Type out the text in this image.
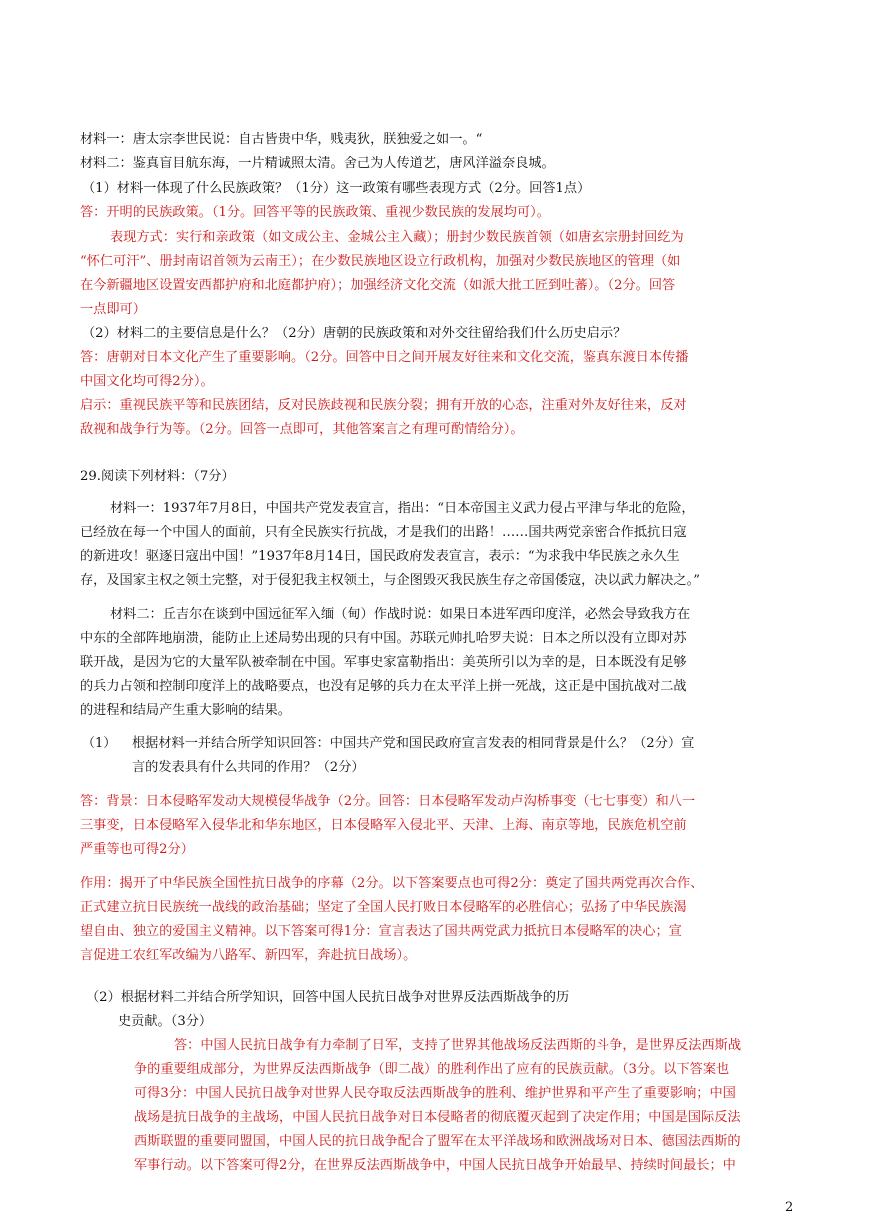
材料一：唐太宗李世民说：自古皆贵中华，贱夷狄，朕独爱之如一。“
材料二：鉴真盲目航东海，一片精诚照太清。舍己为人传道艺，唐风洋溢奈良城。
（1）材料一体现了什么民族政策？（1分）这一政策有哪些表现方式（2分。回答1点）
答：开明的民族政策。（1分。回答平等的民族政策、重视少数民族的发展均可）。
表现方式：实行和亲政策（如文成公主、金城公主入藏）；册封少数民族首领（如唐玄宗册封回纥为
“怀仁可汗”、册封南诏首领为云南王）；在少数民族地区设立行政机构，加强对少数民族地区的管理（如
在今新疆地区设置安西都护府和北庭都护府）；加强经济文化交流（如派大批工匠到吐蕃）。（2分。回答
一点即可）
（2）材料二的主要信息是什么？（2分）唐朝的民族政策和对外交往留给我们什么历史启示？
答：唐朝对日本文化产生了重要影响。（2分。回答中日之间开展友好往来和文化交流，鉴真东渡日本传播
中国文化均可得2分）。
启示：重视民族平等和民族团结，反对民族歧视和民族分裂；拥有开放的心态，注重对外友好往来，反对
敌视和战争行为等。（2分。回答一点即可，其他答案言之有理可酌情给分）。
29.阅读下列材料：（7分）
材料一：1937年7月8日，中国共产党发表宣言，指出：“日本帝国主义武力侵占平津与华北的危险，
已经放在每一个中国人的面前，只有全民族实行抗战，才是我们的出路！……国共两党亲密合作抵抗日寇
的新进攻！驱逐日寇出中国！”1937年8月14日，国民政府发表宣言，表示：“为求我中华民族之永久生
存，及国家主权之领土完整，对于侵犯我主权领土，与企图毁灭我民族生存之帝国倭寇，决以武力解决之。”
材料二：丘吉尔在谈到中国远征军入缅（甸）作战时说：如果日本进军西印度洋，必然会导致我方在
中东的全部阵地崩溃，能防止上述局势出现的只有中国。苏联元帅扎哈罗夫说：日本之所以没有立即对苏
联开战，是因为它的大量军队被牵制在中国。军事史家富勒指出：美英所引以为幸的是，日本既没有足够
的兵力占领和控制印度洋上的战略要点，也没有足够的兵力在太平洋上拼一死战，这正是中国抗战对二战
的进程和结局产生重大影响的结果。
（1） 根据材料一并结合所学知识回答：中国共产党和国民政府宣言发表的相同背景是什么？（2分）宣
言的发表具有什么共同的作用？（2分）
答：背景：日本侵略军发动大规模侵华战争（2分。回答：日本侵略军发动卢沟桥事变（七七事变）和八一
三事变，日本侵略军入侵华北和华东地区，日本侵略军入侵北平、天津、上海、南京等地，民族危机空前
严重等也可得2分）
作用：揭开了中华民族全国性抗日战争的序幕（2分。以下答案要点也可得2分：奠定了国共两党再次合作、
正式建立抗日民族统一战线的政治基础；坚定了全国人民打败日本侵略军的必胜信心；弘扬了中华民族渴
望自由、独立的爱国主义精神。以下答案可得1分：宣言表达了国共两党武力抵抗日本侵略军的决心；宣
言促进工农红军改编为八路军、新四军，奔赴抗日战场）。
（2）根据材料二并结合所学知识，回答中国人民抗日战争对世界反法西斯战争的历
史贡献。（3分）
答：中国人民抗日战争有力牵制了日军，支持了世界其他战场反法西斯的斗争，是世界反法西斯战
争的重要组成部分，为世界反法西斯战争（即二战）的胜利作出了应有的民族贡献。（3分。以下答案也
可得3分：中国人民抗日战争对世界人民夺取反法西斯战争的胜利、维护世界和平产生了重要影响；中国
战场是抗日战争的主战场，中国人民抗日战争对日本侵略者的彻底覆灭起到了决定作用；中国是国际反法
西斯联盟的重要同盟国，中国人民的抗日战争配合了盟军在太平洋战场和欧洲战场对日本、德国法西斯的
军事行动。以下答案可得2分，在世界反法西斯战争中，中国人民抗日战争开始最早、持续时间最长；中
2
